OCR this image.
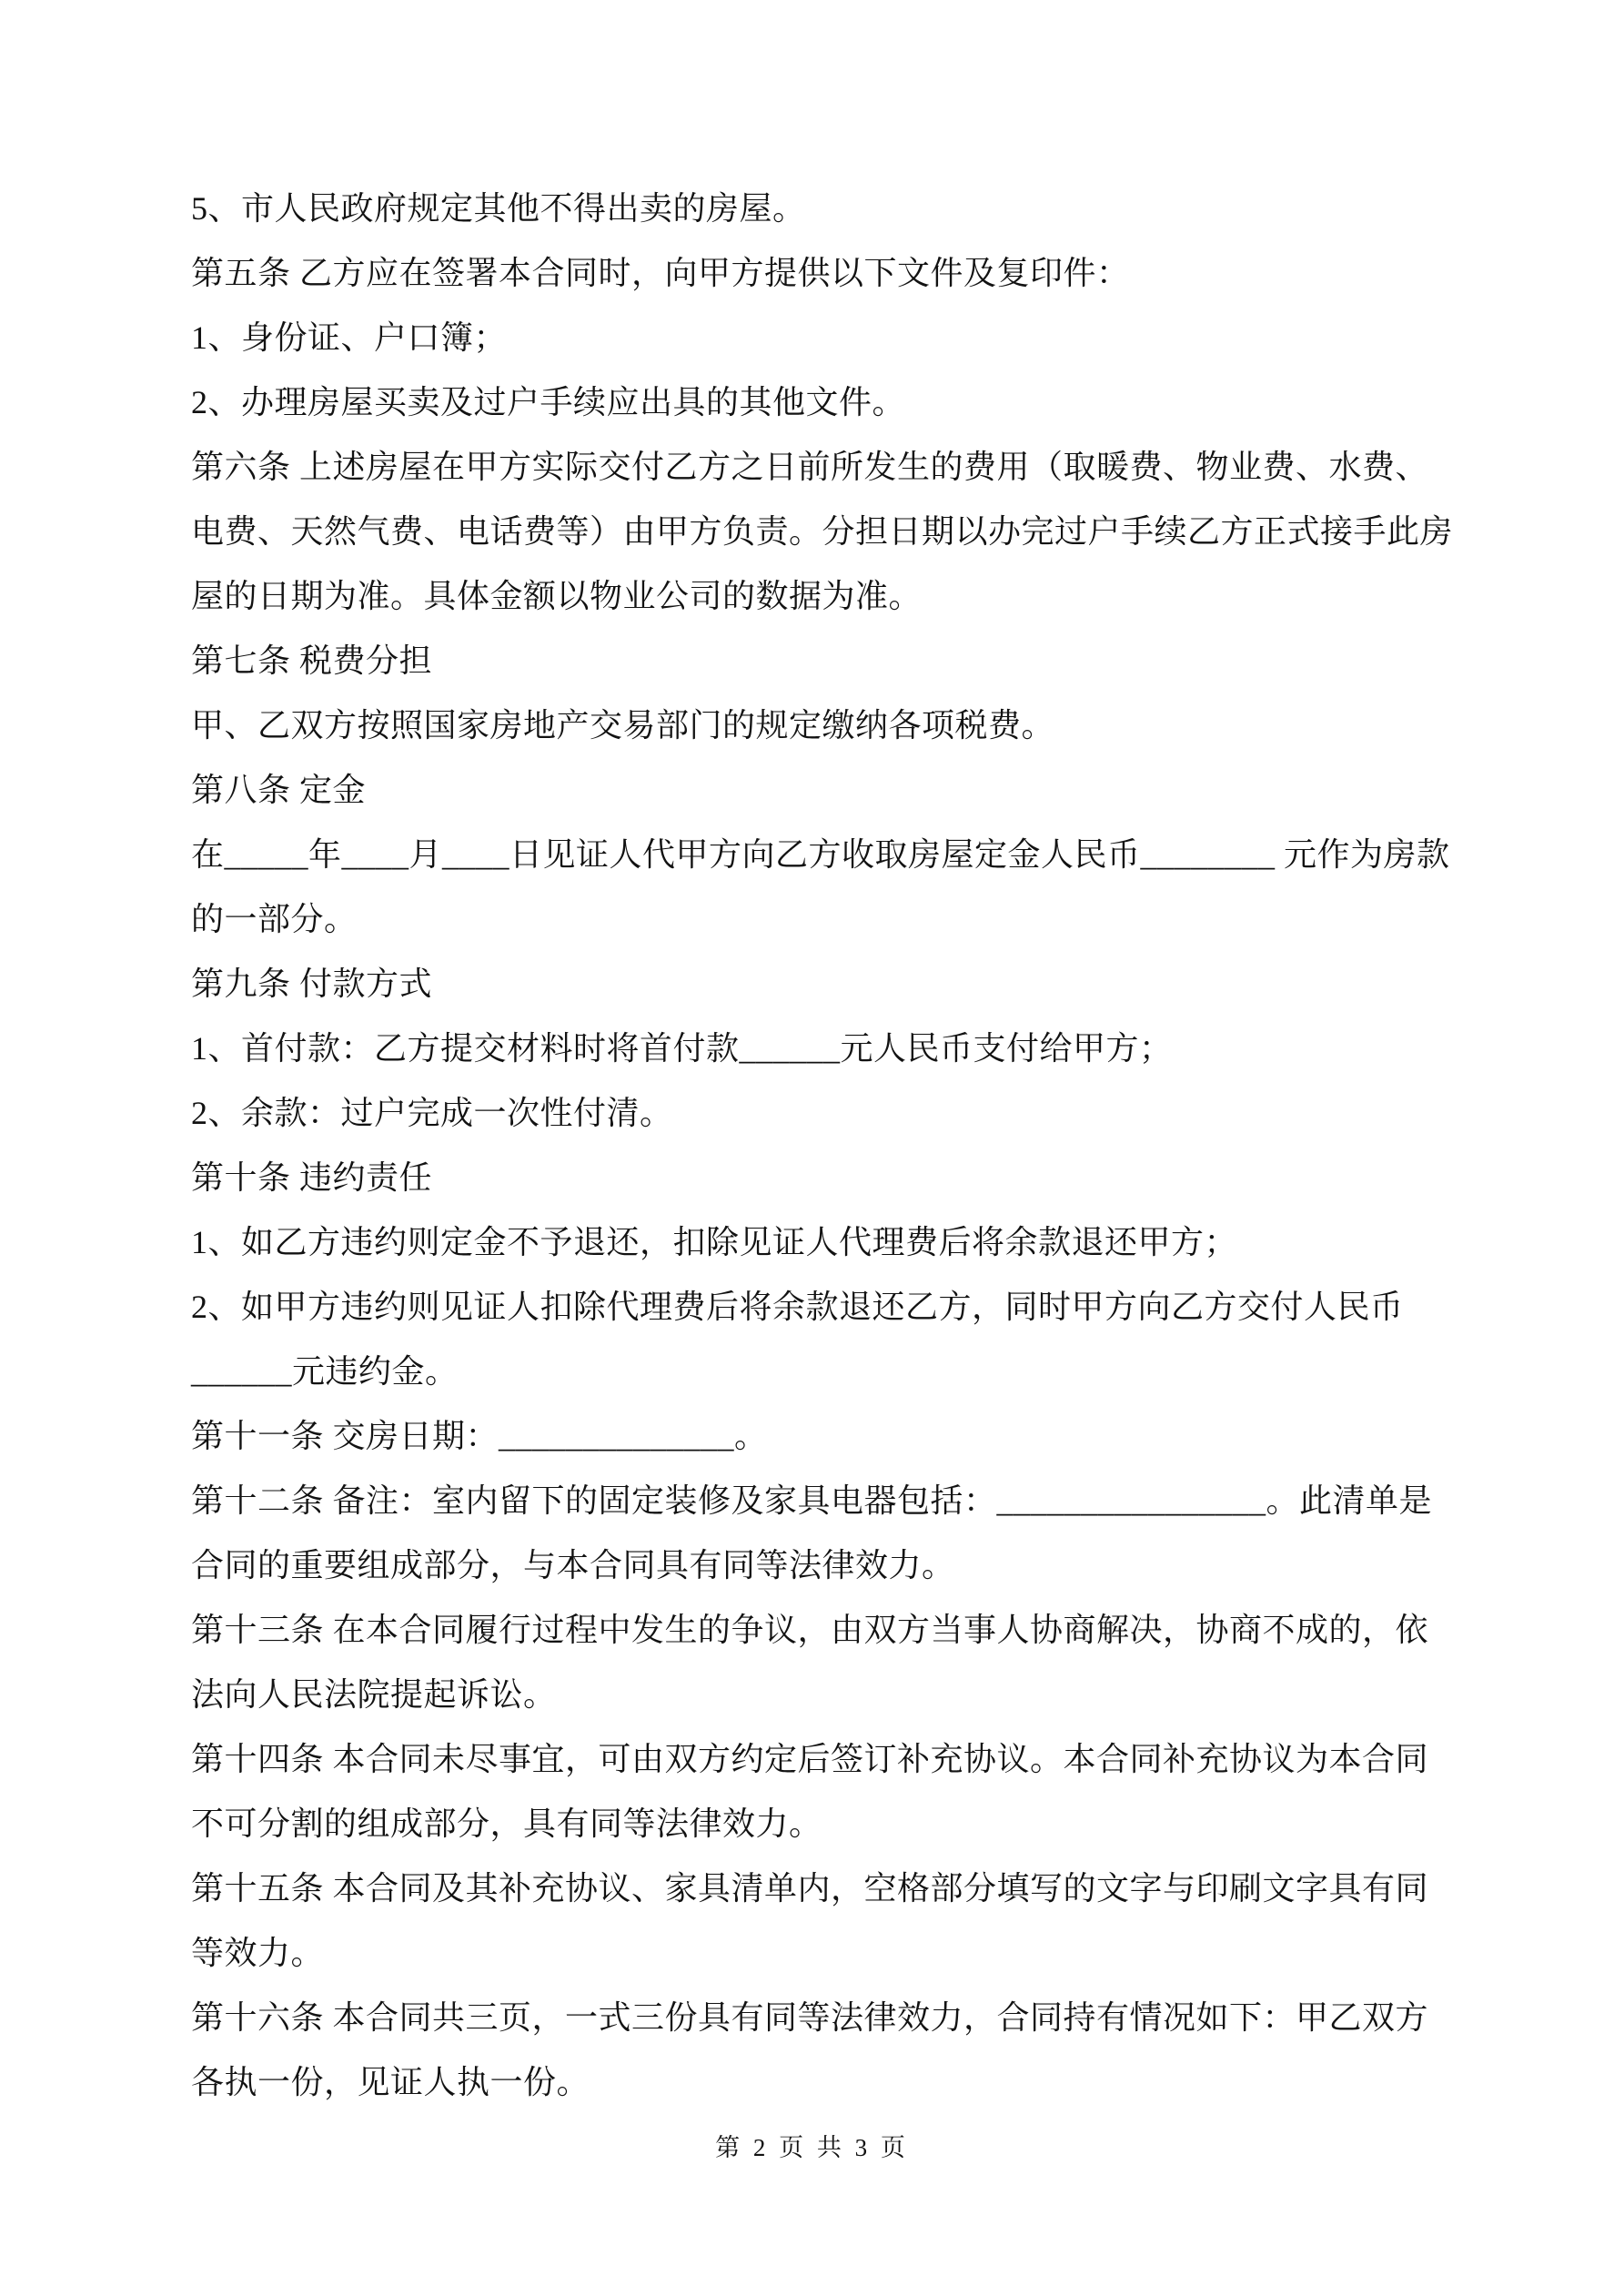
5、市人民政府规定其他不得出卖的房屋。

第五条 乙方应在签署本合同时，向甲方提供以下文件及复印件：

1、身份证、户口簿；

2、办理房屋买卖及过户手续应出具的其他文件。

第六条 上述房屋在甲方实际交付乙方之日前所发生的费用（取暖费、物业费、水费、

电费、天然气费、电话费等）由甲方负责。分担日期以办完过户手续乙方正式接手此房

屋的日期为准。具体金额以物业公司的数据为准。

第七条 税费分担

甲、乙双方按照国家房地产交易部门的规定缴纳各项税费。

第八条 定金

在_____年____月____日见证人代甲方向乙方收取房屋定金人民币________ 元作为房款

的一部分。

第九条 付款方式

1、首付款：乙方提交材料时将首付款______元人民币支付给甲方；

2、余款：过户完成一次性付清。

第十条 违约责任

1、如乙方违约则定金不予退还，扣除见证人代理费后将余款退还甲方；

2、如甲方违约则见证人扣除代理费后将余款退还乙方，同时甲方向乙方交付人民币

______元违约金。

第十一条 交房日期：______________。

第十二条 备注：室内留下的固定装修及家具电器包括：________________。此清单是

合同的重要组成部分，与本合同具有同等法律效力。

第十三条 在本合同履行过程中发生的争议，由双方当事人协商解决，协商不成的，依

法向人民法院提起诉讼。

第十四条 本合同未尽事宜，可由双方约定后签订补充协议。本合同补充协议为本合同

不可分割的组成部分，具有同等法律效力。

第十五条 本合同及其补充协议、家具清单内，空格部分填写的文字与印刷文字具有同

等效力。

第十六条 本合同共三页，一式三份具有同等法律效力，合同持有情况如下：甲乙双方

各执一份，见证人执一份。

第 2 页 共 3 页
